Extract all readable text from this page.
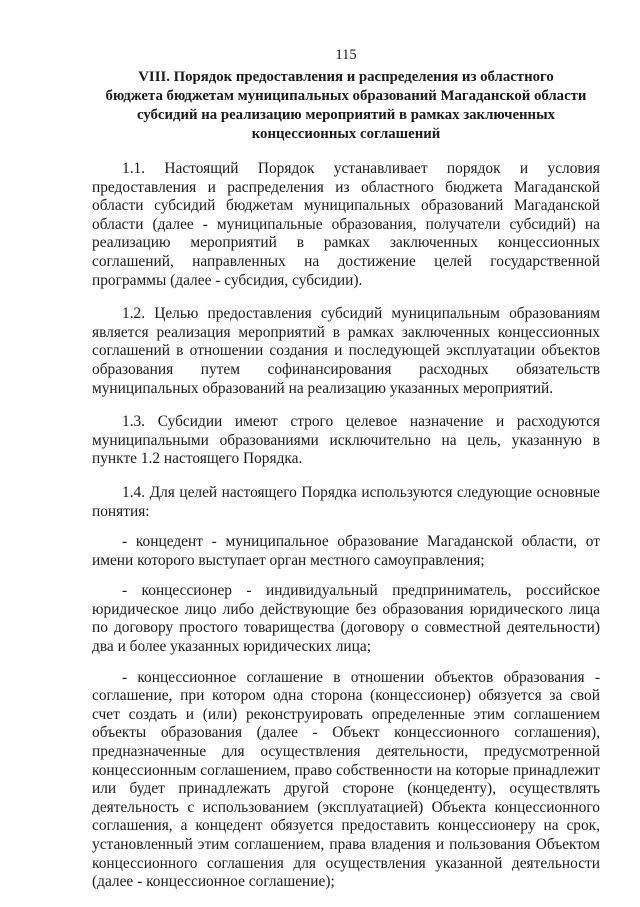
115
VIII. Порядок предоставления и распределения из областного
бюджета бюджетам муниципальных образований Магаданской области
субсидий на реализацию мероприятий в рамках заключенных
концессионных соглашений

1.1. Настоящий Порядок устанавливает порядок и условия предоставления и распределения из областного бюджета Магаданской области субсидий бюджетам муниципальных образований Магаданской области (далее - муниципальные образования, получатели субсидий) на реализацию мероприятий в рамках заключенных концессионных соглашений, направленных на достижение целей государственной программы (далее - субсидия, субсидии).

1.2. Целью предоставления субсидий муниципальным образованиям является реализация мероприятий в рамках заключенных концессионных соглашений в отношении создания и последующей эксплуатации объектов образования путем софинансирования расходных обязательств муниципальных образований на реализацию указанных мероприятий.

1.3. Субсидии имеют строго целевое назначение и расходуются муниципальными образованиями исключительно на цель, указанную в пункте 1.2 настоящего Порядка.

1.4. Для целей настоящего Порядка используются следующие основные понятия:

- концедент - муниципальное образование Магаданской области, от имени которого выступает орган местного самоуправления;

- концессионер - индивидуальный предприниматель, российское юридическое лицо либо действующие без образования юридического лица по договору простого товарищества (договору о совместной деятельности) два и более указанных юридических лица;

- концессионное соглашение в отношении объектов образования - соглашение, при котором одна сторона (концессионер) обязуется за свой счет создать и (или) реконструировать определенные этим соглашением объекты образования (далее - Объект концессионного соглашения), предназначенные для осуществления деятельности, предусмотренной концессионным соглашением, право собственности на которые принадлежит или будет принадлежать другой стороне (концеденту), осуществлять деятельность с использованием (эксплуатацией) Объекта концессионного соглашения, а концедент обязуется предоставить концессионеру на срок, установленный этим соглашением, права владения и пользования Объектом концессионного соглашения для осуществления указанной деятельности (далее - концессионное соглашение);
